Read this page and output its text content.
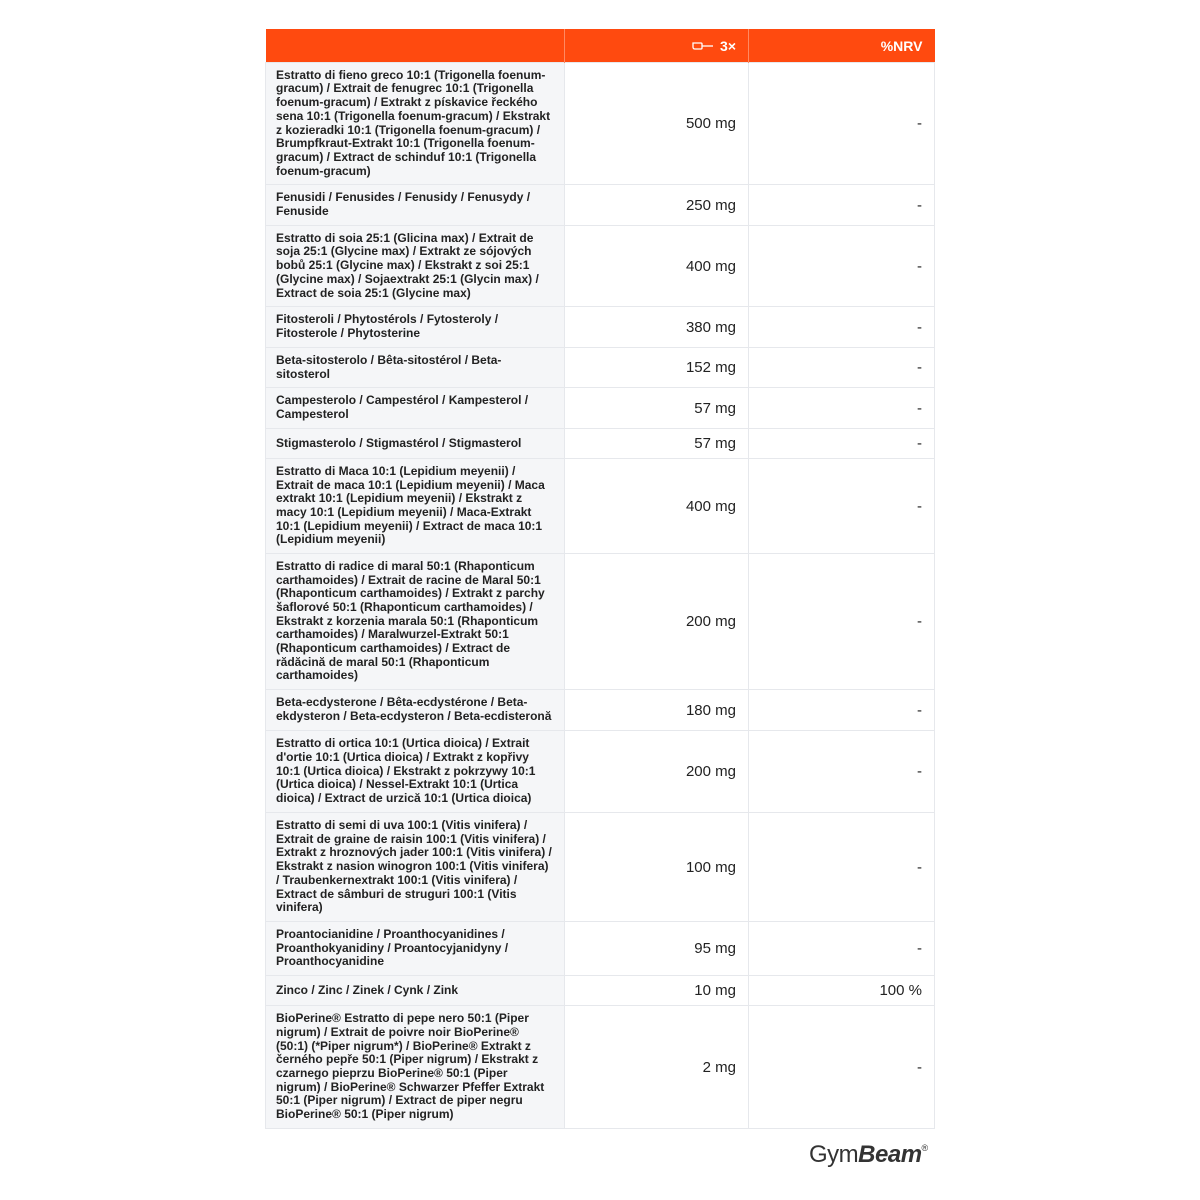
	3×	%NRV
Estratto di fieno greco 10:1 (Trigonella foenum-gracum) / Extrait de fenugrec 10:1 (Trigonella foenum-gracum) / Extrakt z pískavice řeckého sena 10:1 (Trigonella foenum-gracum) / Ekstrakt z kozieradki 10:1 (Trigonella foenum-gracum) / Brumpfkraut-Extrakt 10:1 (Trigonella foenum-gracum) / Extract de schinduf 10:1 (Trigonella foenum-gracum)	500 mg	-
Fenusidi / Fenusides / Fenusidy / Fenusydy / Fenuside	250 mg	-
Estratto di soia 25:1 (Glicina max) / Extrait de soja 25:1 (Glycine max) / Extrakt ze sójových bobů 25:1 (Glycine max) / Ekstrakt z soi 25:1 (Glycine max) / Sojaextrakt 25:1 (Glycin max) / Extract de soia 25:1 (Glycine max)	400 mg	-
Fitosteroli / Phytostérols / Fytosteroly / Fitosterole / Phytosterine	380 mg	-
Beta-sitosterolo / Bêta-sitostérol / Beta-sitosterol	152 mg	-
Campesterolo / Campestérol / Kampesterol / Campesterol	57 mg	-
Stigmasterolo / Stigmastérol / Stigmasterol	57 mg	-
Estratto di Maca 10:1 (Lepidium meyenii) / Extrait de maca 10:1 (Lepidium meyenii) / Maca extrakt 10:1 (Lepidium meyenii) / Ekstrakt z macy 10:1 (Lepidium meyenii) / Maca-Extrakt 10:1 (Lepidium meyenii) / Extract de maca 10:1 (Lepidium meyenii)	400 mg	-
Estratto di radice di maral 50:1 (Rhaponticum carthamoides) / Extrait de racine de Maral 50:1 (Rhaponticum carthamoides) / Extrakt z parchy šaflorové 50:1 (Rhaponticum carthamoides) / Ekstrakt z korzenia marala 50:1 (Rhaponticum carthamoides) / Maralwurzel-Extrakt 50:1 (Rhaponticum carthamoides) / Extract de rădăcină de maral 50:1 (Rhaponticum carthamoides)	200 mg	-
Beta-ecdysterone / Bêta-ecdystérone / Beta-ekdysteron / Beta-ecdysteron / Beta-ecdisteronă	180 mg	-
Estratto di ortica 10:1 (Urtica dioica) / Extrait d'ortie 10:1 (Urtica dioica) / Extrakt z kopřivy 10:1 (Urtica dioica) / Ekstrakt z pokrzywy 10:1 (Urtica dioica) / Nessel-Extrakt 10:1 (Urtica dioica) / Extract de urzică 10:1 (Urtica dioica)	200 mg	-
Estratto di semi di uva 100:1 (Vitis vinifera) / Extrait de graine de raisin 100:1 (Vitis vinifera) / Extrakt z hroznových jader 100:1 (Vitis vinifera) / Ekstrakt z nasion winogron 100:1 (Vitis vinifera) / Traubenkernextrakt 100:1 (Vitis vinifera) / Extract de sâmburi de struguri 100:1 (Vitis vinifera)	100 mg	-
Proantocianidine / Proanthocyanidines / Proanthokyanidiny / Proantocyjanidyny / Proanthocyanidine	95 mg	-
Zinco / Zinc / Zinek / Cynk / Zink	10 mg	100 %
BioPerine® Estratto di pepe nero 50:1 (Piper nigrum) / Extrait de poivre noir BioPerine® (50:1) (*Piper nigrum*) / BioPerine® Extrakt z černého pepře 50:1 (Piper nigrum) / Ekstrakt z czarnego pieprzu BioPerine® 50:1 (Piper nigrum) / BioPerine® Schwarzer Pfeffer Extrakt 50:1 (Piper nigrum) / Extract de piper negru BioPerine® 50:1 (Piper nigrum)	2 mg	-
GymBeam®
